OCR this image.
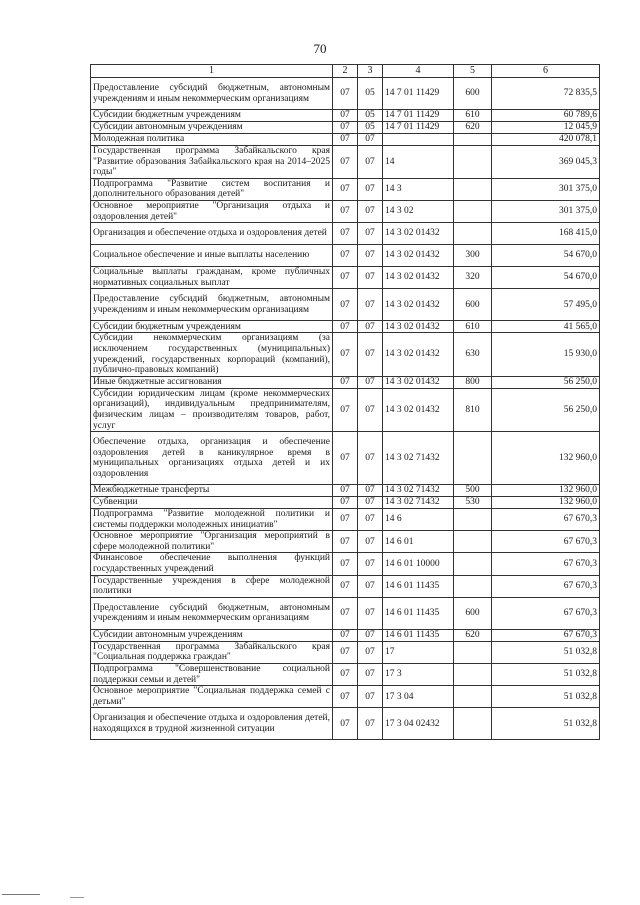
70
1	2	3	4	5	6
Предоставление субсидий бюджетным, автономным учреждениям и иным некоммерческим организациям	07	05	14 7 01 11429	600	72 835,5
Субсидии бюджетным учреждениям	07	05	14 7 01 11429	610	60 789,6
Субсидии автономным учреждениям	07	05	14 7 01 11429	620	12 045,9
Молодежная политика	07	07			420 078,1
Государственная программа Забайкальского края "Развитие образования Забайкальского края на 2014–2025 годы"	07	07	14		369 045,3
Подпрограмма "Развитие систем воспитания и дополнительного образования детей"	07	07	14 3		301 375,0
Основное мероприятие "Организация отдыха и оздоровления детей"	07	07	14 3 02		301 375,0
Организация и обеспечение отдыха и оздоровления детей	07	07	14 3 02 01432		168 415,0
Социальное обеспечение и иные выплаты населению	07	07	14 3 02 01432	300	54 670,0
Социальные выплаты гражданам, кроме публичных нормативных социальных выплат	07	07	14 3 02 01432	320	54 670,0
Предоставление субсидий бюджетным, автономным учреждениям и иным некоммерческим организациям	07	07	14 3 02 01432	600	57 495,0
Субсидии бюджетным учреждениям	07	07	14 3 02 01432	610	41 565,0
Субсидии некоммерческим организациям (за исключением государственных (муниципальных) учреждений, государственных корпораций (компаний), публично-правовых компаний)	07	07	14 3 02 01432	630	15 930,0
Иные бюджетные ассигнования	07	07	14 3 02 01432	800	56 250,0
Субсидии юридическим лицам (кроме некоммерческих организаций), индивидуальным предпринимателям, физическим лицам – производителям товаров, работ, услуг	07	07	14 3 02 01432	810	56 250,0
Обеспечение отдыха, организация и обеспечение оздоровления детей в каникулярное время в муниципальных организациях отдыха детей и их оздоровления	07	07	14 3 02 71432		132 960,0
Межбюджетные трансферты	07	07	14 3 02 71432	500	132 960,0
Субвенции	07	07	14 3 02 71432	530	132 960,0
Подпрограмма "Развитие молодежной политики и системы поддержки молодежных инициатив"	07	07	14 6		67 670,3
Основное мероприятие "Организация мероприятий в сфере молодежной политики"	07	07	14 6 01		67 670,3
Финансовое обеспечение выполнения функций государственных учреждений	07	07	14 6 01 10000		67 670,3
Государственные учреждения в сфере молодежной политики	07	07	14 6 01 11435		67 670,3
Предоставление субсидий бюджетным, автономным учреждениям и иным некоммерческим организациям	07	07	14 6 01 11435	600	67 670,3
Субсидии автономным учреждениям	07	07	14 6 01 11435	620	67 670,3
Государственная программа Забайкальского края "Социальная поддержка граждан"	07	07	17		51 032,8
Подпрограмма "Совершенствование социальной поддержки семьи и детей"	07	07	17 3		51 032,8
Основное мероприятие "Социальная поддержка семей с детьми"	07	07	17 3 04		51 032,8
Организация и обеспечение отдыха и оздоровления детей, находящихся в трудной жизненной ситуации	07	07	17 3 04 02432		51 032,8
